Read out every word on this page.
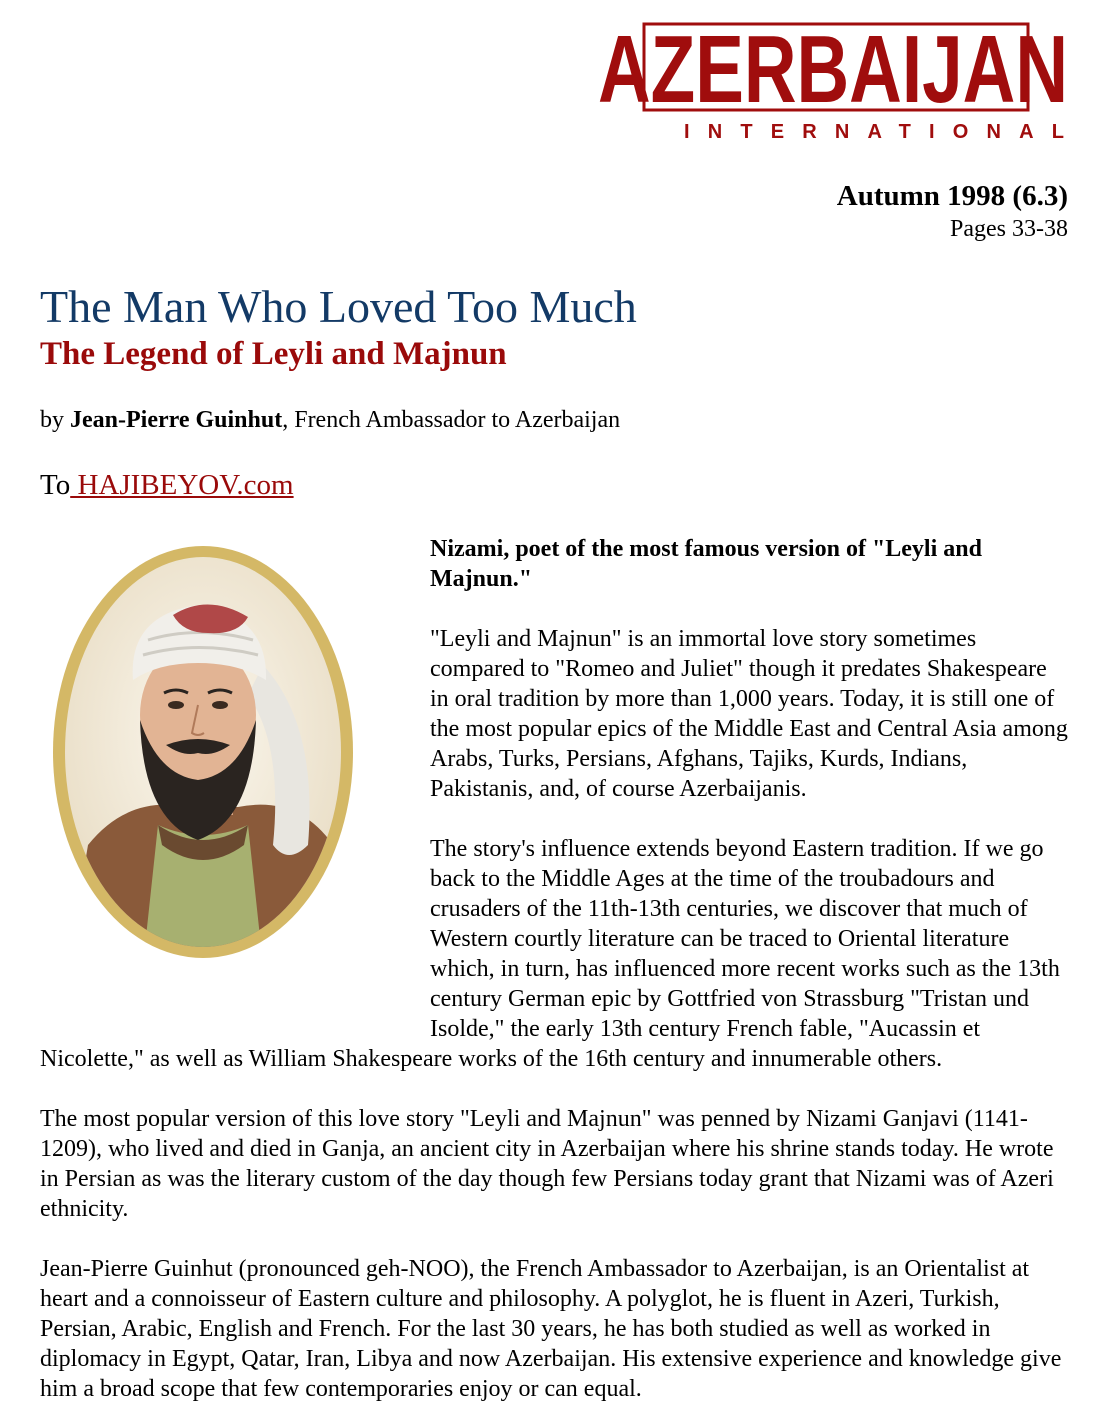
AZERBAIJAN
INTERNATIONAL
Autumn 1998 (6.3)
Pages 33-38
The Man Who Loved Too Much
The Legend of Leyli and Majnun
by Jean-Pierre Guinhut, French Ambassador to Azerbaijan
To HAJIBEYOV.com

Nizami, poet of the most famous version of "Leyli and Majnun."

"Leyli and Majnun" is an immortal love story sometimes compared to "Romeo and Juliet" though it predates Shakespeare in oral tradition by more than 1,000 years. Today, it is still one of the most popular epics of the Middle East and Central Asia among Arabs, Turks, Persians, Afghans, Tajiks, Kurds, Indians, Pakistanis, and, of course Azerbaijanis.

The story's influence extends beyond Eastern tradition. If we go back to the Middle Ages at the time of the troubadours and crusaders of the 11th-13th centuries, we discover that much of Western courtly literature can be traced to Oriental literature which, in turn, has influenced more recent works such as the 13th century German epic by Gottfried von Strassburg "Tristan und Isolde," the early 13th century French fable, "Aucassin et Nicolette," as well as William Shakespeare works of the 16th century and innumerable others.

The most popular version of this love story "Leyli and Majnun" was penned by Nizami Ganjavi (1141-1209), who lived and died in Ganja, an ancient city in Azerbaijan where his shrine stands today. He wrote in Persian as was the literary custom of the day though few Persians today grant that Nizami was of Azeri ethnicity.

Jean-Pierre Guinhut (pronounced geh-NOO), the French Ambassador to Azerbaijan, is an Orientalist at heart and a connoisseur of Eastern culture and philosophy. A polyglot, he is fluent in Azeri, Turkish, Persian, Arabic, English and French. For the last 30 years, he has both studied as well as worked in diplomacy in Egypt, Qatar, Iran, Libya and now Azerbaijan. His extensive experience and knowledge give him a broad scope that few contemporaries enjoy or can equal.
